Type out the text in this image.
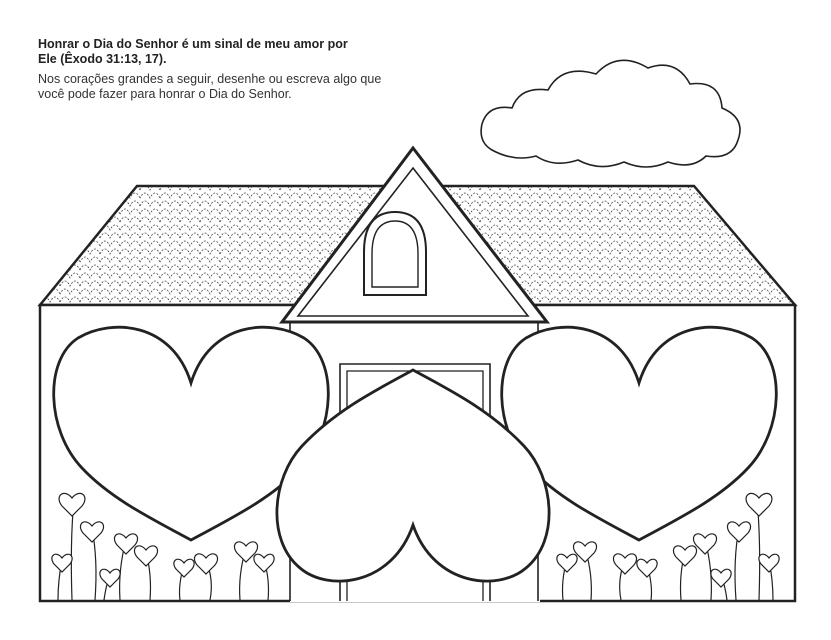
Honrar o Dia do Senhor é um sinal de meu amor por Ele (Êxodo 31:13, 17).
Nos corações grandes a seguir, desenhe ou escreva algo que você pode fazer para honrar o Dia do Senhor.
